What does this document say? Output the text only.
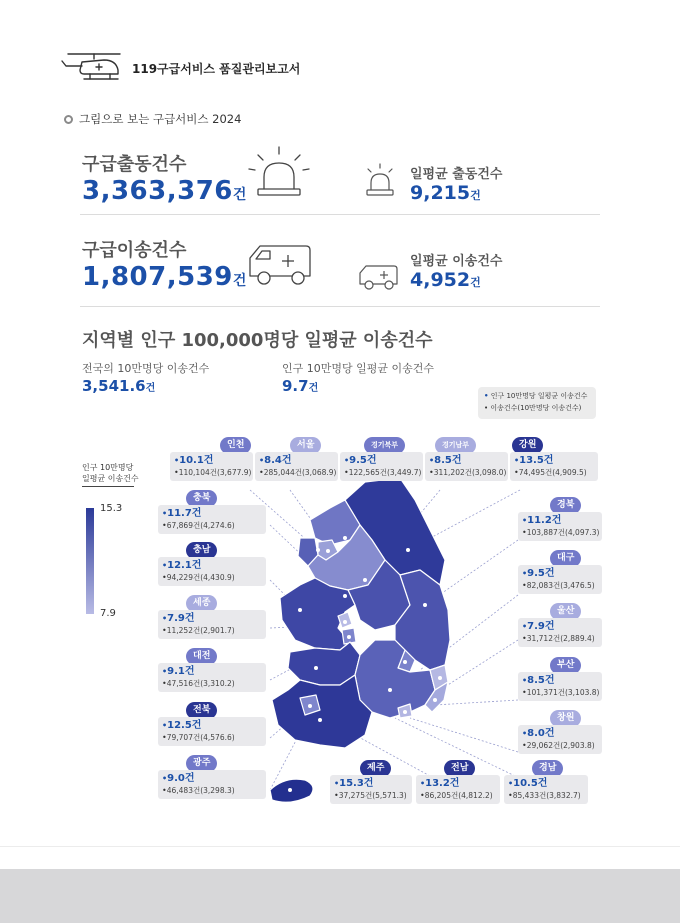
119구급서비스 품질관리보고서
그림으로 보는 구급서비스 2024
구급출동건수
3,363,376건
일평균 출동건수
9,215건
구급이송건수
1,807,539건
일평균 이송건수
4,952건
지역별 인구 100,000명당 일평균 이송건수
전국의 10만명당 이송건수
3,541.6건
인구 10만명당 일평균 이송건수
9.7건
• 인구 10만명당 일평균 이송건수
• 이송건수(10만명당 이송건수)
인구 10만명당
일평균 이송건수
15.3
7.9
인천
•10.1건
•110,104건(3,677.9)
서울
•8.4건
•285,044건(3,068.9)
경기북부
•9.5건
•122,565건(3,449.7)
경기남부
•8.5건
•311,202건(3,098.0)
강원
•13.5건
•74,495건(4,909.5)
충북
•11.7건
•67,869건(4,274.6)
충남
•12.1건
•94,229건(4,430.9)
세종
•7.9건
•11,252건(2,901.7)
대전
•9.1건
•47,516건(3,310.2)
전북
•12.5건
•79,707건(4,576.6)
광주
•9.0건
•46,483건(3,298.3)
경북
•11.2건
•103,887건(4,097.3)
대구
•9.5건
•82,083건(3,476.5)
울산
•7.9건
•31,712건(2,889.4)
부산
•8.5건
•101,371건(3,103.8)
창원
•8.0건
•29,062건(2,903.8)
제주
•15.3건
•37,275건(5,571.3)
전남
•13.2건
•86,205건(4,812.2)
경남
•10.5건
•85,433건(3,832.7)
